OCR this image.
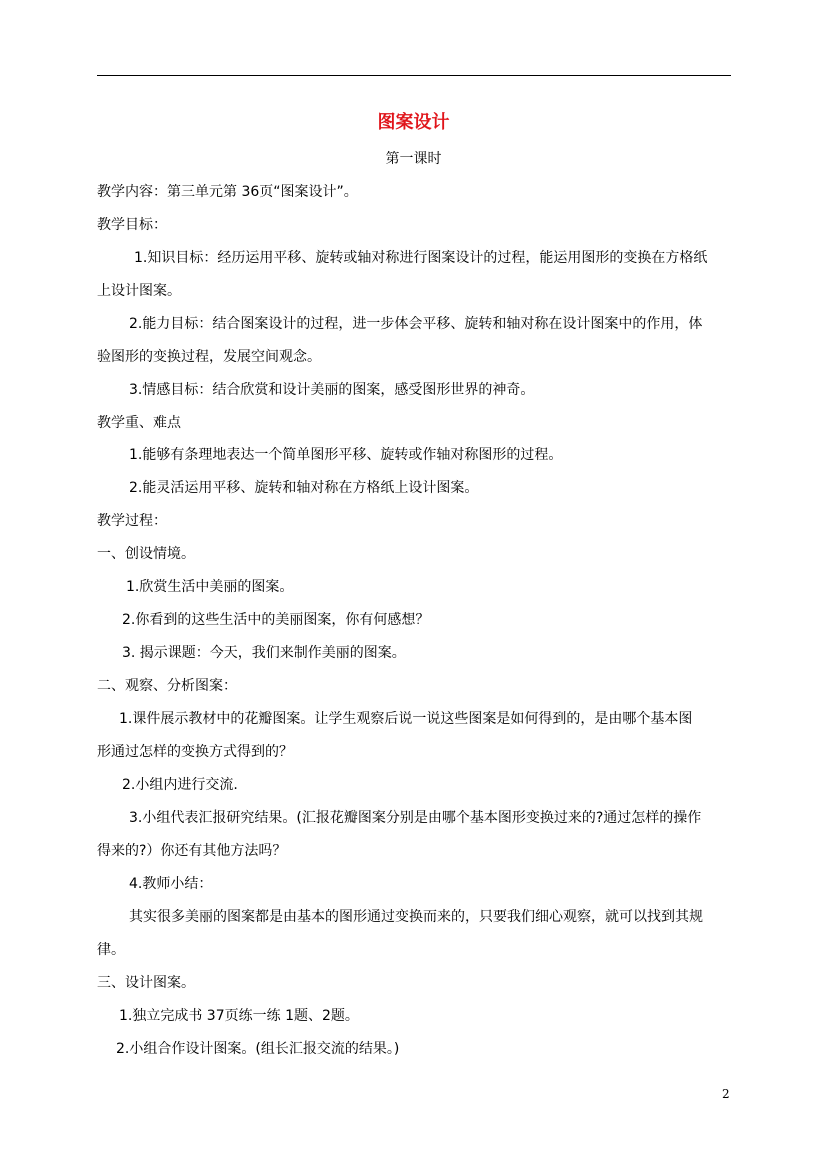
图案设计
第一课时
教学内容：第三单元第 36页“图案设计”。
教学目标：
1.知识目标：经历运用平移、旋转或轴对称进行图案设计的过程，能运用图形的变换在方格纸
上设计图案。
2.能力目标：结合图案设计的过程，进一步体会平移、旋转和轴对称在设计图案中的作用，体
验图形的变换过程，发展空间观念。
3.情感目标：结合欣赏和设计美丽的图案，感受图形世界的神奇。
教学重、难点
1.能够有条理地表达一个简单图形平移、旋转或作轴对称图形的过程。
2.能灵活运用平移、旋转和轴对称在方格纸上设计图案。
教学过程：
一、创设情境。
1.欣赏生活中美丽的图案。
2.你看到的这些生活中的美丽图案，你有何感想？
3. 揭示课题：今天，我们来制作美丽的图案。
二、观察、分析图案：
1.课件展示教材中的花瓣图案。让学生观察后说一说这些图案是如何得到的，是由哪个基本图
形通过怎样的变换方式得到的？
2.小组内进行交流.
3.小组代表汇报研究结果。(汇报花瓣图案分别是由哪个基本图形变换过来的?通过怎样的操作
得来的?）你还有其他方法吗？
4.教师小结：
其实很多美丽的图案都是由基本的图形通过变换而来的，只要我们细心观察，就可以找到其规
律。
三、设计图案。
1.独立完成书 37页练一练 1题、2题。
2.小组合作设计图案。(组长汇报交流的结果。)
2
